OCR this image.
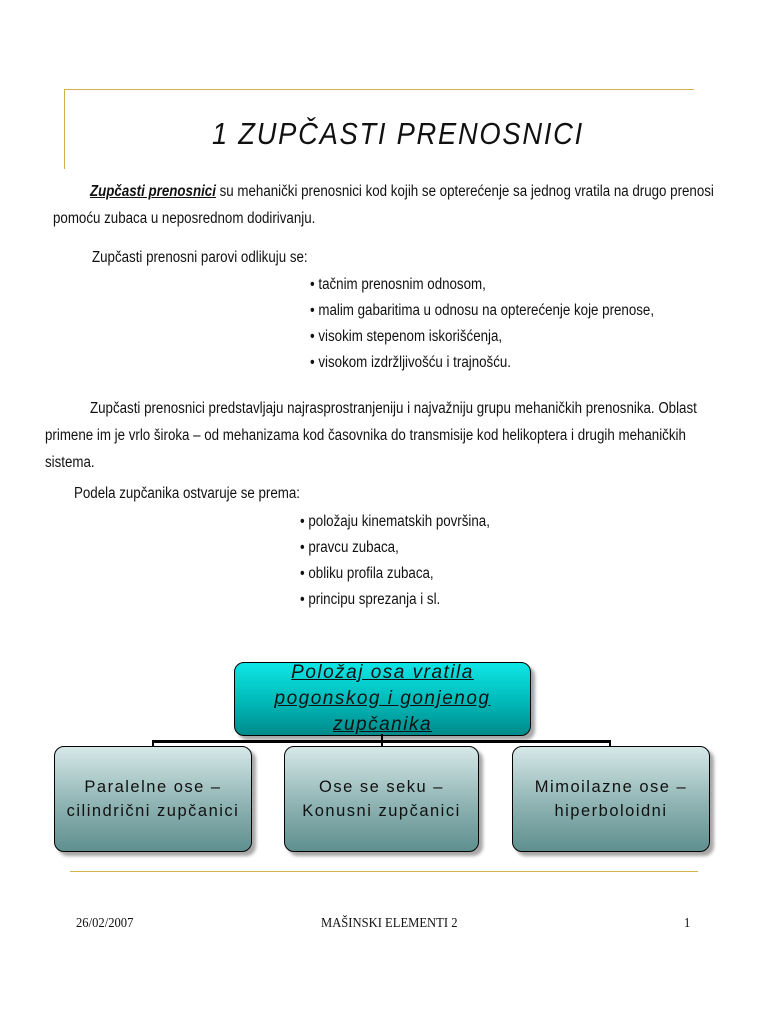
1 ZUPČASTI PRENOSNICI
Zupčasti prenosnici su mehanički prenosnici kod kojih se opterećenje sa jednog vratila na drugo prenosi
pomoću zubaca u neposrednom dodirivanju.
Zupčasti prenosni parovi odlikuju se:
• tačnim prenosnim odnosom,
• malim gabaritima u odnosu na opterećenje koje prenose,
• visokim stepenom iskorišćenja,
• visokom izdržljivošću i trajnošću.
Zupčasti prenosnici predstavljaju najrasprostranjeniju i najvažniju grupu mehaničkih prenosnika. Oblast
primene im je vrlo široka – od mehanizama kod časovnika do transmisije kod helikoptera i drugih mehaničkih
sistema.
Podela zupčanika ostvaruje se prema:
• položaju kinematskih površina,
• pravcu zubaca,
• obliku profila zubaca,
• principu sprezanja i sl.
Položaj osa vratila
pogonskog i gonjenog zupčanika
Paralelne ose –
cilindrični zupčanici
Ose se seku –
Konusni zupčanici
Mimoilazne ose –
hiperboloidni
26/02/2007	MAŠINSKI ELEMENTI 2	1
